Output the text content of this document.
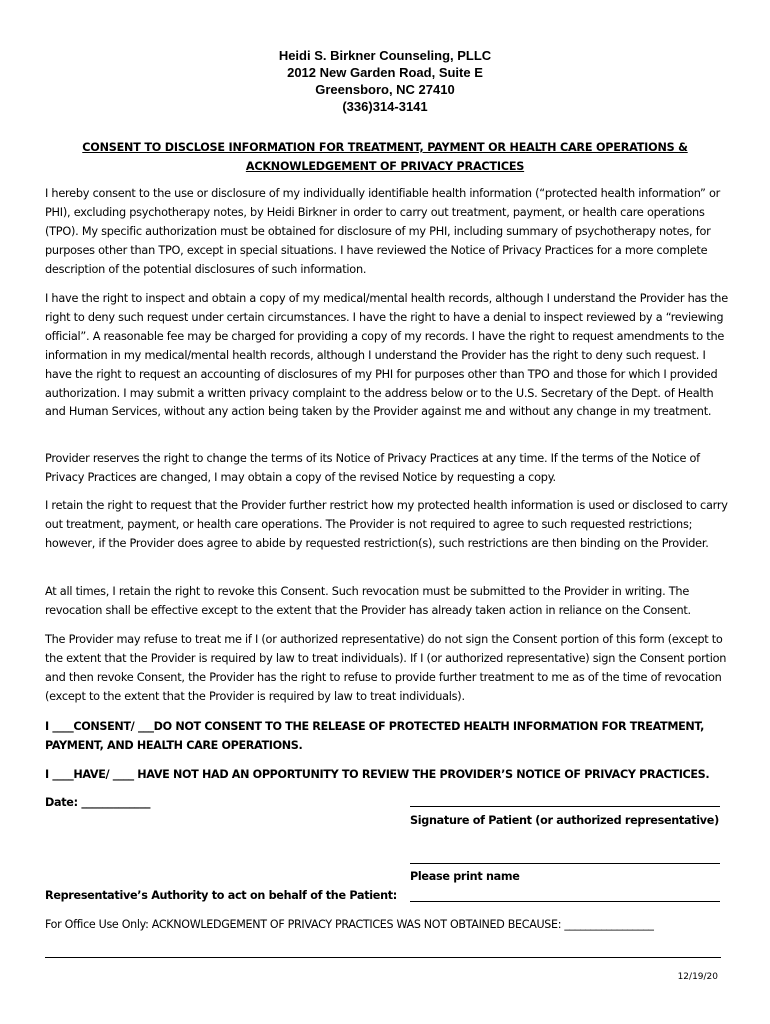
Heidi S. Birkner Counseling, PLLC
2012 New Garden Road, Suite E
Greensboro, NC 27410
(336)314-3141
CONSENT TO DISCLOSE INFORMATION FOR TREATMENT, PAYMENT OR HEALTH CARE OPERATIONS &
ACKNOWLEDGEMENT OF PRIVACY PRACTICES

I hereby consent to the use or disclosure of my individually identifiable health information (“protected health information” or PHI), excluding psychotherapy notes, by Heidi Birkner in order to carry out treatment, payment, or health care operations (TPO). My specific authorization must be obtained for disclosure of my PHI, including summary of psychotherapy notes, for purposes other than TPO, except in special situations. I have reviewed the Notice of Privacy Practices for a more complete description of the potential disclosures of such information.

I have the right to inspect and obtain a copy of my medical/mental health records, although I understand the Provider has the right to deny such request under certain circumstances. I have the right to have a denial to inspect reviewed by a “reviewing official”. A reasonable fee may be charged for providing a copy of my records. I have the right to request amendments to the information in my medical/mental health records, although I understand the Provider has the right to deny such request. I have the right to request an accounting of disclosures of my PHI for purposes other than TPO and those for which I provided authorization. I may submit a written privacy complaint to the address below or to the U.S. Secretary of the Dept. of Health and Human Services, without any action being taken by the Provider against me and without any change in my treatment.

Provider reserves the right to change the terms of its Notice of Privacy Practices at any time. If the terms of the Notice of Privacy Practices are changed, I may obtain a copy of the revised Notice by requesting a copy.

I retain the right to request that the Provider further restrict how my protected health information is used or disclosed to carry out treatment, payment, or health care operations. The Provider is not required to agree to such requested restrictions; however, if the Provider does agree to abide by requested restriction(s), such restrictions are then binding on the Provider.

At all times, I retain the right to revoke this Consent. Such revocation must be submitted to the Provider in writing. The revocation shall be effective except to the extent that the Provider has already taken action in reliance on the Consent.

The Provider may refuse to treat me if I (or authorized representative) do not sign the Consent portion of this form (except to the extent that the Provider is required by law to treat individuals). If I (or authorized representative) sign the Consent portion and then revoke Consent, the Provider has the right to refuse to provide further treatment to me as of the time of revocation (except to the extent that the Provider is required by law to treat individuals).

I ____CONSENT/ ___DO NOT CONSENT TO THE RELEASE OF PROTECTED HEALTH INFORMATION FOR TREATMENT, PAYMENT, AND HEALTH CARE OPERATIONS.

I ____HAVE/ ____ HAVE NOT HAD AN OPPORTUNITY TO REVIEW THE PROVIDER’S NOTICE OF PRIVACY PRACTICES.

Date: _____________
Signature of Patient (or authorized representative)
Please print name
Representative’s Authority to act on behalf of the Patient:
For Office Use Only: ACKNOWLEDGEMENT OF PRIVACY PRACTICES WAS NOT OBTAINED BECAUSE: _________________
12/19/20
